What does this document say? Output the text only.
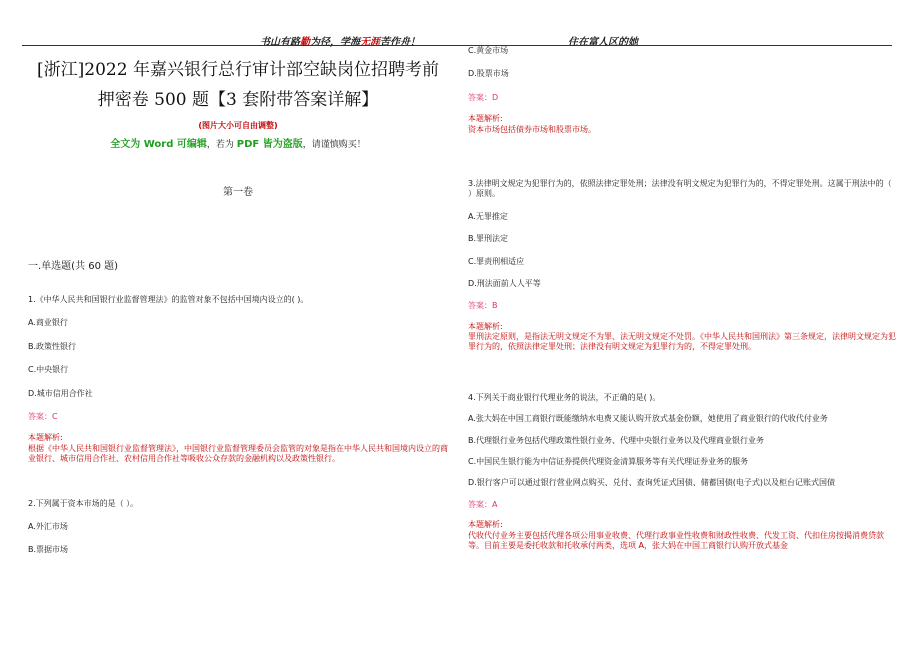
书山有路勤为径，学海无涯苦作舟！	住在富人区的她
[浙江]2022 年嘉兴银行总行审计部空缺岗位招聘考前
押密卷 500 题【3 套附带答案详解】
(图片大小可自由调整)
全文为 Word 可编辑，若为 PDF 皆为盗版，请谨慎购买！
第一卷
一.单选题(共 60 题)

1.《中华人民共和国银行业监督管理法》的监管对象不包括中国境内设立的( )。

A.商业银行

B.政策性银行

C.中央银行

D.城市信用合作社

答案：C

本题解析:

根据《中华人民共和国银行业监督管理法》，中国银行业监督管理委员会监管的对象是指在中华人民共和国境内设立的商业银行、城市信用合作社、农村信用合作社等吸收公众存款的金融机构以及政策性银行。

2.下列属于资本市场的是（ ）。

A.外汇市场

B.票据市场

C.黄金市场

D.股票市场

答案：D

本题解析:

资本市场包括债券市场和股票市场。

3.法律明文规定为犯罪行为的，依照法律定罪处刑；法律没有明文规定为犯罪行为的，不得定罪处刑。这属于刑法中的（ ）原则。

A.无罪推定

B.罪刑法定

C.罪责刑相适应

D.刑法面前人人平等

答案：B

本题解析:

罪刑法定原则，是指法无明文规定不为罪、法无明文规定不处罚。《中华人民共和国刑法》第三条规定，法律明文规定为犯罪行为的，依照法律定罪处刑；法律没有明文规定为犯罪行为的，不得定罪处刑。

4.下列关于商业银行代理业务的说法，不正确的是( )。

A.张大妈在中国工商银行既能缴纳水电费又能认购开放式基金份额，她使用了商业银行的代收代付业务

B.代理银行业务包括代理政策性银行业务、代理中央银行业务以及代理商业银行业务

C.中国民生银行能为中信证券提供代理资金清算服务等有关代理证券业务的服务

D.银行客户可以通过银行营业网点购买、兑付、查询凭证式国债、储蓄国债(电子式)以及柜台记账式国债

答案：A

本题解析:

代收代付业务主要包括代理各项公用事业收费、代理行政事业性收费和财政性收费、代发工资、代扣住房按揭消费贷款等。目前主要是委托收款和托收承付两类，选项 A，张大妈在中国工商银行认购开放式基金
